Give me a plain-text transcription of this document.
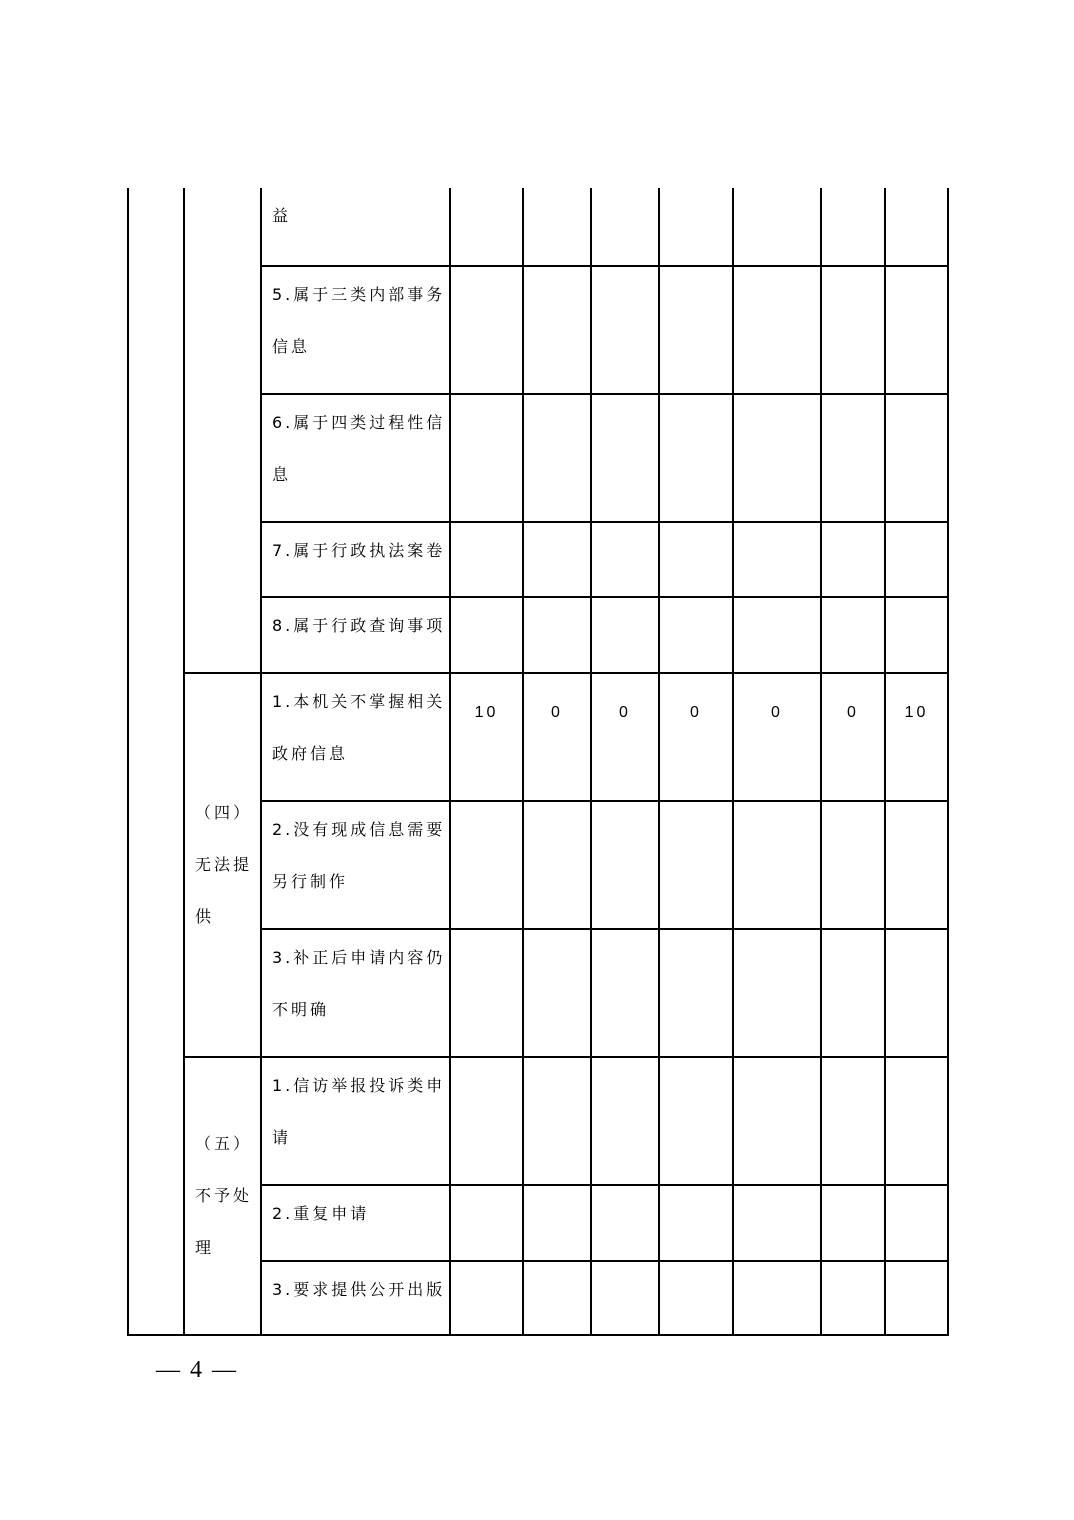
		益							

		5.属于三类内部事务信息							

		6.属于四类过程性信息							

		7.属于行政执法案卷							

		8.属于行政查询事项							

	（四）无法提供	1.本机关不掌握相关政府信息	10	0	0	0	0	0	10

		2.没有现成信息需要另行制作							

		3.补正后申请内容仍不明确							

	（五）不予处理	1.信访举报投诉类申请							

		2.重复申请							

		3.要求提供公开出版							

— 4 —
